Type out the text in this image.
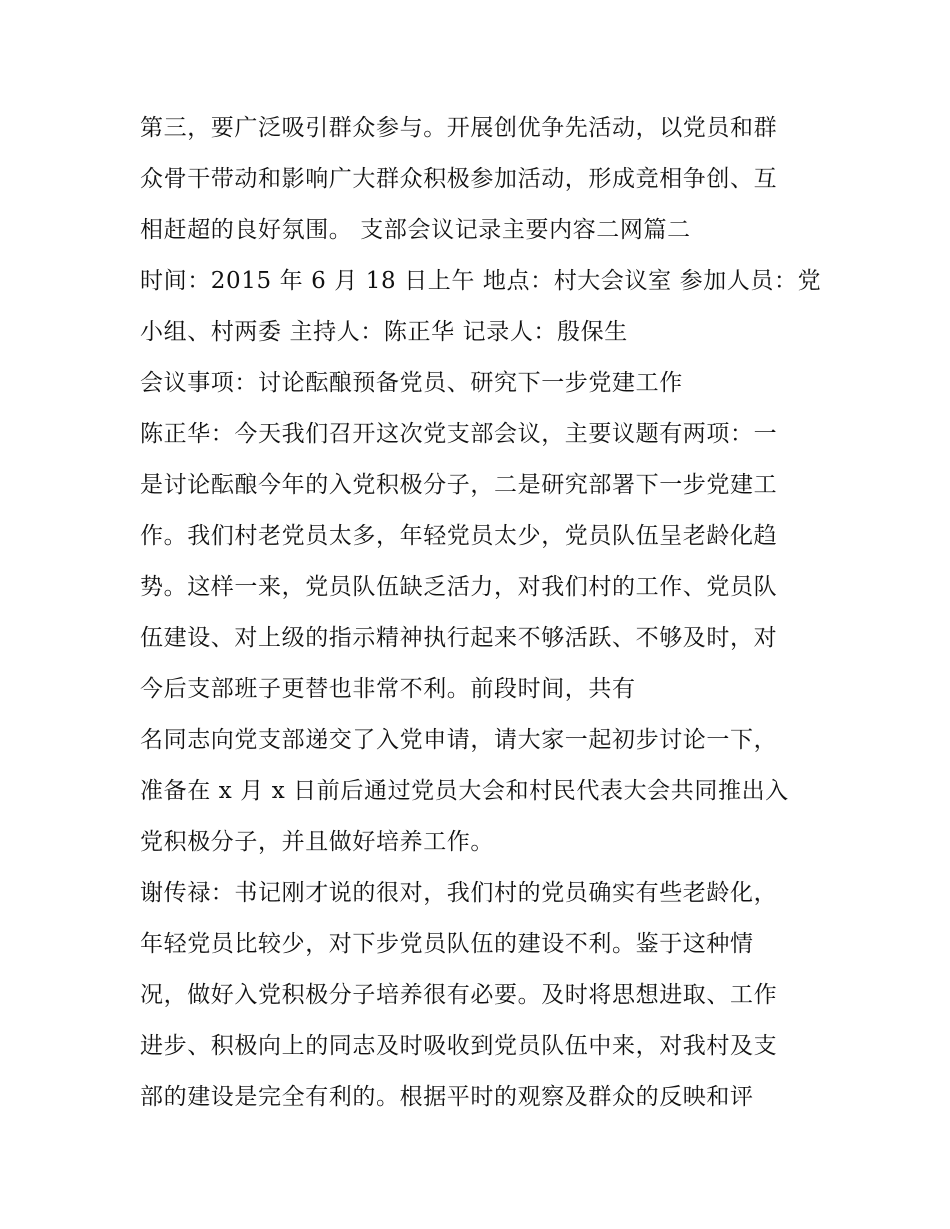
第三，要广泛吸引群众参与。开展创优争先活动，以党员和群
众骨干带动和影响广大群众积极参加活动，形成竞相争创、互
相赶超的良好氛围。 支部会议记录主要内容二网篇二
时间：2015 年 6 月 18 日上午 地点：村大会议室 参加人员：党
小组、村两委 主持人：陈正华 记录人：殷保生
会议事项：讨论酝酿预备党员、研究下一步党建工作
陈正华：今天我们召开这次党支部会议，主要议题有两项：一
是讨论酝酿今年的入党积极分子，二是研究部署下一步党建工
作。我们村老党员太多，年轻党员太少，党员队伍呈老龄化趋
势。这样一来，党员队伍缺乏活力，对我们村的工作、党员队
伍建设、对上级的指示精神执行起来不够活跃、不够及时，对
今后支部班子更替也非常不利。前段时间，共有
名同志向党支部递交了入党申请，请大家一起初步讨论一下，
准备在 x 月 x 日前后通过党员大会和村民代表大会共同推出入
党积极分子，并且做好培养工作。
谢传禄：书记刚才说的很对，我们村的党员确实有些老龄化，
年轻党员比较少，对下步党员队伍的建设不利。鉴于这种情
况，做好入党积极分子培养很有必要。及时将思想进取、工作
进步、积极向上的同志及时吸收到党员队伍中来，对我村及支
部的建设是完全有利的。根据平时的观察及群众的反映和评
